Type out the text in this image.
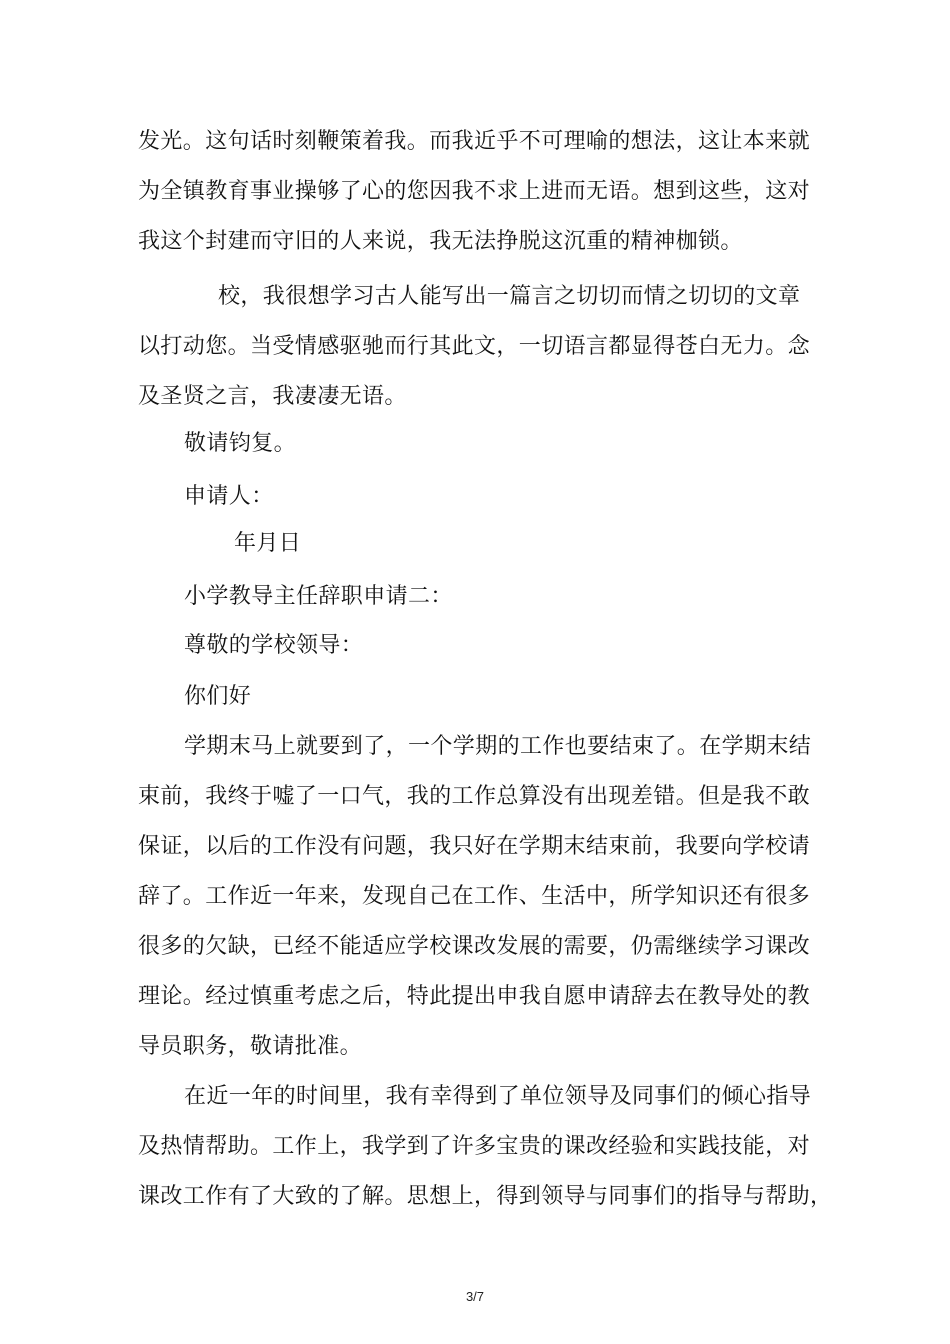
发光。这句话时刻鞭策着我。而我近乎不可理喻的想法，这让本来就
为全镇教育事业操够了心的您因我不求上进而无语。想到这些，这对
我这个封建而守旧的人来说，我无法挣脱这沉重的精神枷锁。
校，我很想学习古人能写出一篇言之切切而情之切切的文章
以打动您。当受情感驱驰而行其此文，一切语言都显得苍白无力。念
及圣贤之言，我凄凄无语。
敬请钧复。
申请人：
年月日
小学教导主任辞职申请二：
尊敬的学校领导：
你们好
学期末马上就要到了，一个学期的工作也要结束了。在学期末结
束前，我终于嘘了一口气，我的工作总算没有出现差错。但是我不敢
保证，以后的工作没有问题，我只好在学期末结束前，我要向学校请
辞了。工作近一年来，发现自己在工作、生活中，所学知识还有很多
很多的欠缺，已经不能适应学校课改发展的需要，仍需继续学习课改
理论。经过慎重考虑之后，特此提出申我自愿申请辞去在教导处的教
导员职务，敬请批准。
在近一年的时间里，我有幸得到了单位领导及同事们的倾心指导
及热情帮助。工作上，我学到了许多宝贵的课改经验和实践技能，对
课改工作有了大致的了解。思想上，得到领导与同事们的指导与帮助，
3/7
